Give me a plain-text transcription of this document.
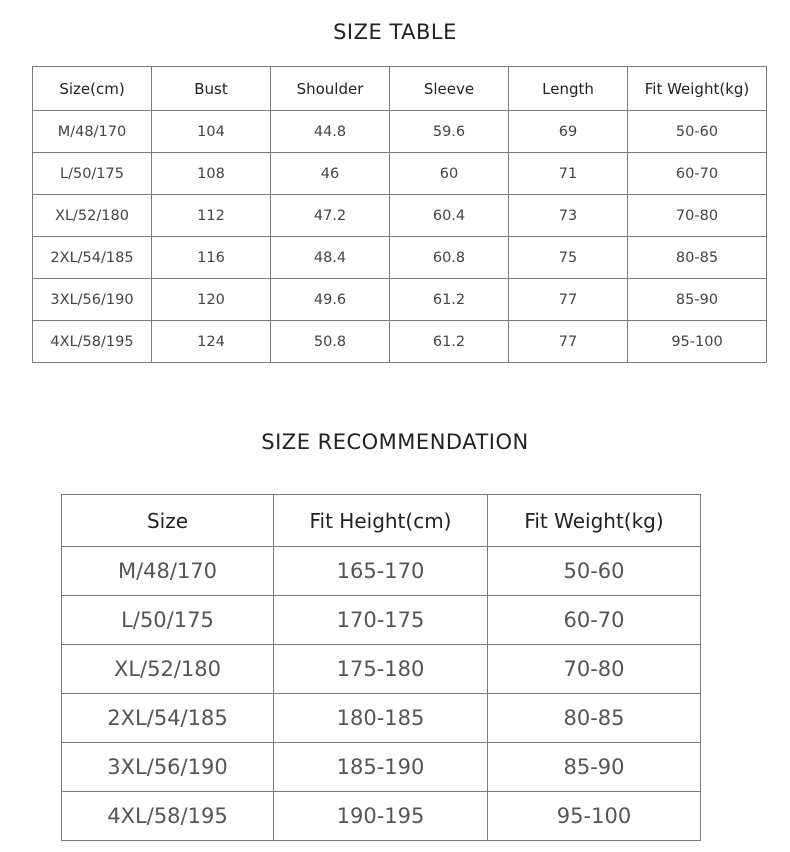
SIZE TABLE
Size(cm)	Bust	Shoulder	Sleeve	Length	Fit Weight(kg)
M/48/170	104	44.8	59.6	69	50-60
L/50/175	108	46	60	71	60-70
XL/52/180	112	47.2	60.4	73	70-80
2XL/54/185	116	48.4	60.8	75	80-85
3XL/56/190	120	49.6	61.2	77	85-90
4XL/58/195	124	50.8	61.2	77	95-100
SIZE RECOMMENDATION
Size	Fit Height(cm)	Fit Weight(kg)
M/48/170	165-170	50-60
L/50/175	170-175	60-70
XL/52/180	175-180	70-80
2XL/54/185	180-185	80-85
3XL/56/190	185-190	85-90
4XL/58/195	190-195	95-100
